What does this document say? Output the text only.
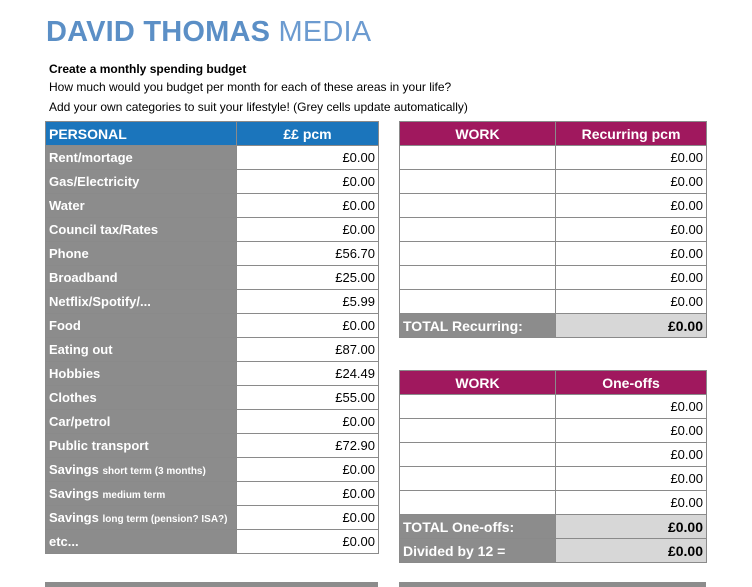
DAVID THOMAS MEDIA
Create a monthly spending budget
How much would you budget per month for each of these areas in your life?
Add your own categories to suit your lifestyle! (Grey cells update automatically)
PERSONAL	££ pcm
Rent/mortage	£0.00
Gas/Electricity	£0.00
Water	£0.00
Council tax/Rates	£0.00
Phone	£56.70
Broadband	£25.00
Netflix/Spotify/...	£5.99
Food	£0.00
Eating out	£87.00
Hobbies	£24.49
Clothes	£55.00
Car/petrol	£0.00
Public transport	£72.90
Savings short term (3 months)	£0.00
Savings medium term	£0.00
Savings long term (pension? ISA?)	£0.00
etc...	£0.00
WORK	Recurring pcm
	£0.00
	£0.00
	£0.00
	£0.00
	£0.00
	£0.00
	£0.00
TOTAL Recurring:	£0.00
WORK	One-offs
	£0.00
	£0.00
	£0.00
	£0.00
	£0.00
TOTAL One-offs:	£0.00
Divided by 12 =	£0.00
